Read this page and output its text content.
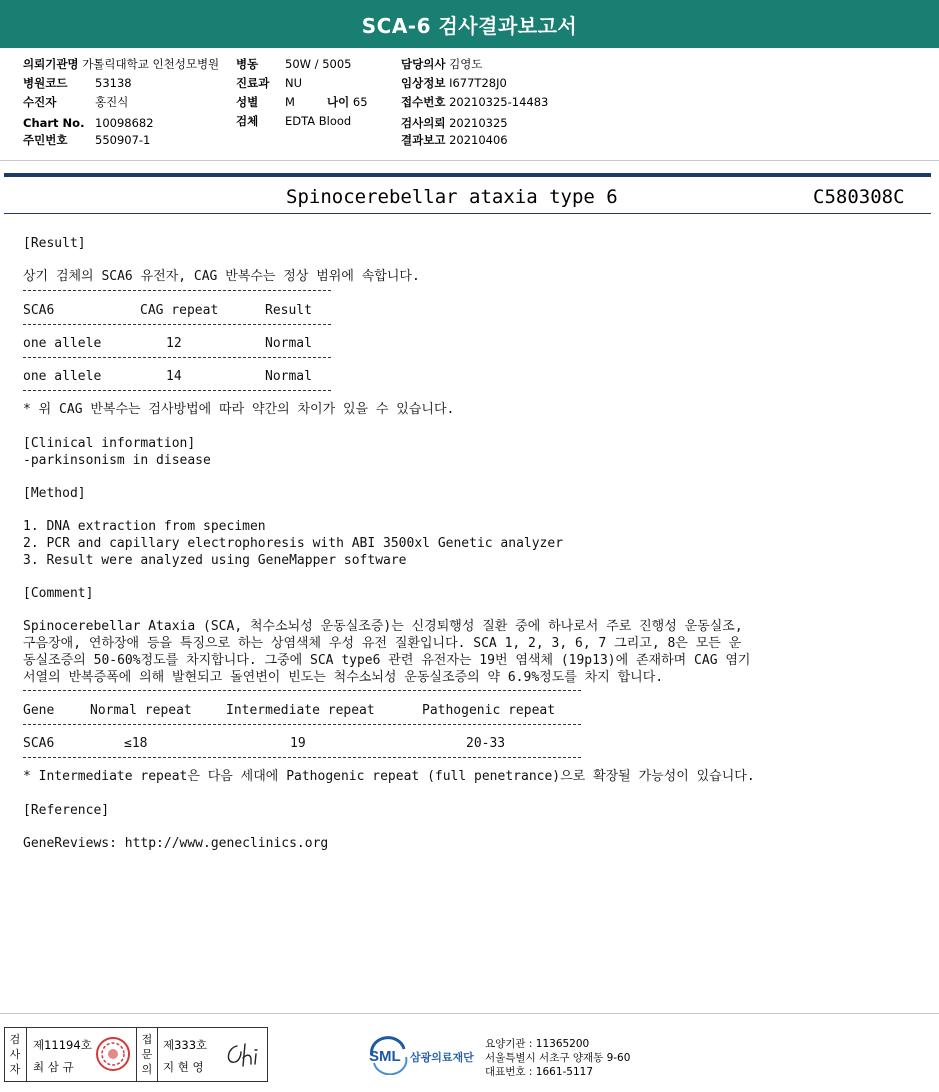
SCA-6 검사결과보고서
의뢰기관명 가톨릭대학교 인천성모병원 병동 50W / 5005	담당의사 김영도
병원코드 53138	진료과 NU	임상정보 I677T28J0
수진자	홍진식	성별 M	나이 65	접수번호 20210325-14483
Chart No. 10098682	검체 EDTA Blood	검사의뢰 20210325
주민번호 550907-1	결과보고 20210406
Spinocerebellar ataxia type 6	C580308C
[Result]
상기 검체의 SCA6 유전자, CAG 반복수는 정상 범위에 속합니다.
SCA6	CAG repeat	Result
one allele	12	Normal
one allele	14	Normal
* 위 CAG 반복수는 검사방법에 따라 약간의 차이가 있을 수 있습니다.
[Clinical information]
-parkinsonism in disease
[Method]
1. DNA extraction from specimen
2. PCR and capillary electrophoresis with ABI 3500xl Genetic analyzer
3. Result were analyzed using GeneMapper software
[Comment]
Spinocerebellar Ataxia (SCA, 척수소뇌성 운동실조증)는 신경퇴행성 질환 중에 하나로서 주로 진행성 운동실조,
구음장애, 연하장애 등을 특징으로 하는 상염색체 우성 유전 질환입니다. SCA 1, 2, 3, 6, 7 그리고, 8은 모든 운
동실조증의 50-60%정도를 차지합니다. 그중에 SCA type6 관련 유전자는 19번 염색체 (19p13)에 존재하며 CAG 염기
서열의 반복증폭에 의해 발현되고 돌연변이 빈도는 척수소뇌성 운동실조증의 약 6.9%정도를 차지 합니다.
Gene	Normal repeat	Intermediate repeat	Pathogenic repeat
SCA6	≤18	19	20-33
* Intermediate repeat은 다음 세대에 Pathogenic repeat (full penetrance)으로 확장될 가능성이 있습니다.
[Reference]
GeneReviews: http://www.geneclinics.org
검
사
자
제11194호
최 삼 규
접
문
의
제333호
지 현 영
SML 삼광의료재단
요양기관 : 11365200
서울특별시 서초구 양재동 9-60
대표번호 : 1661-5117
